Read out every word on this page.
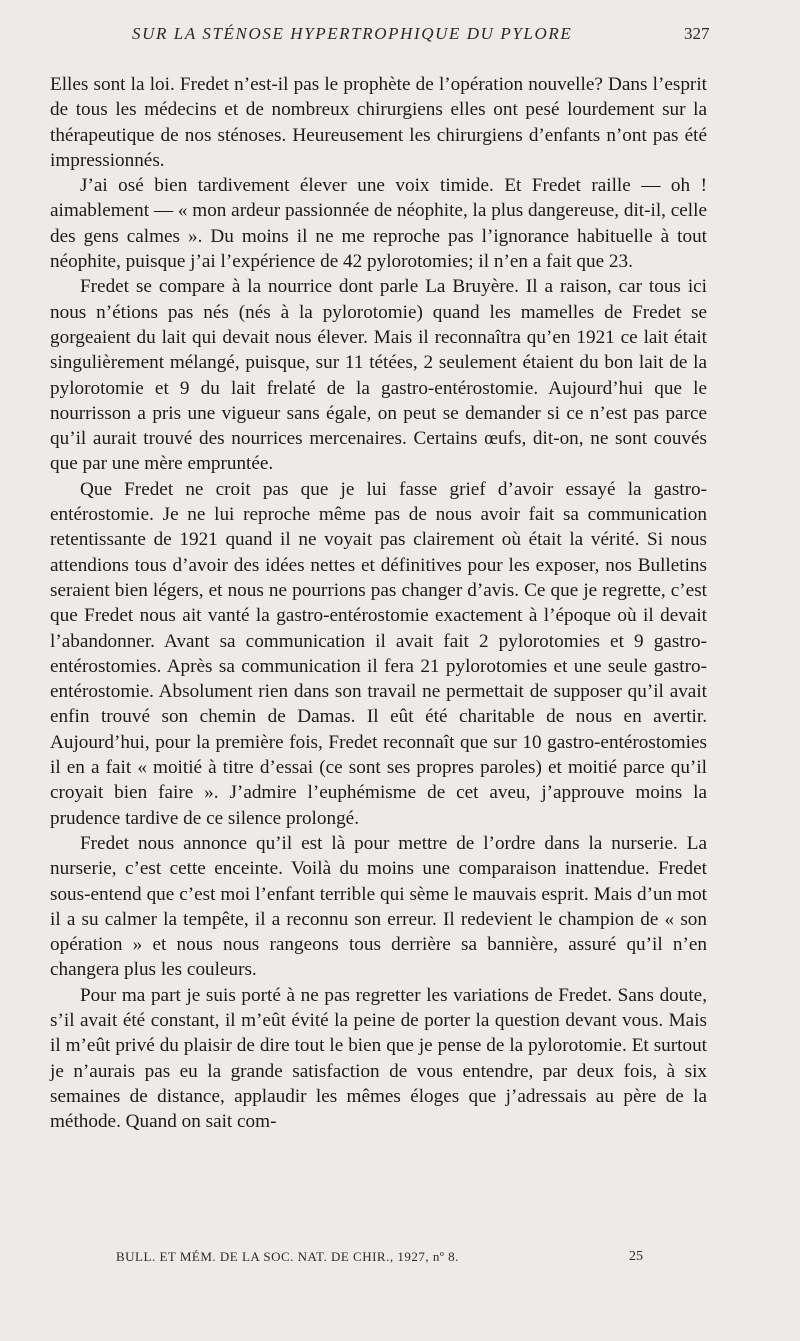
SUR LA STÉNOSE HYPERTROPHIQUE DU PYLORE	327

Elles sont la loi. Fredet n’est-il pas le prophète de l’opération nouvelle? Dans l’esprit de tous les médecins et de nombreux chirurgiens elles ont pesé lourdement sur la thérapeutique de nos sténoses. Heureusement les chirurgiens d’enfants n’ont pas été impressionnés.

J’ai osé bien tardivement élever une voix timide. Et Fredet raille — oh ! aimablement — « mon ardeur passionnée de néophite, la plus dangereuse, dit-il, celle des gens calmes ». Du moins il ne me reproche pas l’ignorance habituelle à tout néophite, puisque j’ai l’expérience de 42 pylorotomies; il n’en a fait que 23.

Fredet se compare à la nourrice dont parle La Bruyère. Il a raison, car tous ici nous n’étions pas nés (nés à la pylorotomie) quand les mamelles de Fredet se gorgeaient du lait qui devait nous élever. Mais il reconnaîtra qu’en 1921 ce lait était singulièrement mélangé, puisque, sur 11 tétées, 2 seulement étaient du bon lait de la pylorotomie et 9 du lait frelaté de la gastro-entérostomie. Aujourd’hui que le nourrisson a pris une vigueur sans égale, on peut se demander si ce n’est pas parce qu’il aurait trouvé des nourrices mercenaires. Certains œufs, dit-on, ne sont couvés que par une mère empruntée.

Que Fredet ne croit pas que je lui fasse grief d’avoir essayé la gastro-entérostomie. Je ne lui reproche même pas de nous avoir fait sa communication retentissante de 1921 quand il ne voyait pas clairement où était la vérité. Si nous attendions tous d’avoir des idées nettes et définitives pour les exposer, nos Bulletins seraient bien légers, et nous ne pourrions pas changer d’avis. Ce que je regrette, c’est que Fredet nous ait vanté la gastro-entérostomie exactement à l’époque où il devait l’abandonner. Avant sa communication il avait fait 2 pylorotomies et 9 gastro-entérostomies. Après sa communication il fera 21 pylorotomies et une seule gastro-entérostomie. Absolument rien dans son travail ne permettait de supposer qu’il avait enfin trouvé son chemin de Damas. Il eût été charitable de nous en avertir. Aujourd’hui, pour la première fois, Fredet reconnaît que sur 10 gastro-entérostomies il en a fait « moitié à titre d’essai (ce sont ses propres paroles) et moitié parce qu’il croyait bien faire ». J’admire l’euphémisme de cet aveu, j’approuve moins la prudence tardive de ce silence prolongé.

Fredet nous annonce qu’il est là pour mettre de l’ordre dans la nurserie. La nurserie, c’est cette enceinte. Voilà du moins une comparaison inattendue. Fredet sous-entend que c’est moi l’enfant terrible qui sème le mauvais esprit. Mais d’un mot il a su calmer la tempête, il a reconnu son erreur. Il redevient le champion de « son opération » et nous nous rangeons tous derrière sa bannière, assuré qu’il n’en changera plus les couleurs.

Pour ma part je suis porté à ne pas regretter les variations de Fredet. Sans doute, s’il avait été constant, il m’eût évité la peine de porter la question devant vous. Mais il m’eût privé du plaisir de dire tout le bien que je pense de la pylorotomie. Et surtout je n’aurais pas eu la grande satisfaction de vous entendre, par deux fois, à six semaines de distance, applaudir les mêmes éloges que j’adressais au père de la méthode. Quand on sait com-

BULL. ET MÉM. DE LA SOC. NAT. DE CHIR., 1927, nº 8.	25
